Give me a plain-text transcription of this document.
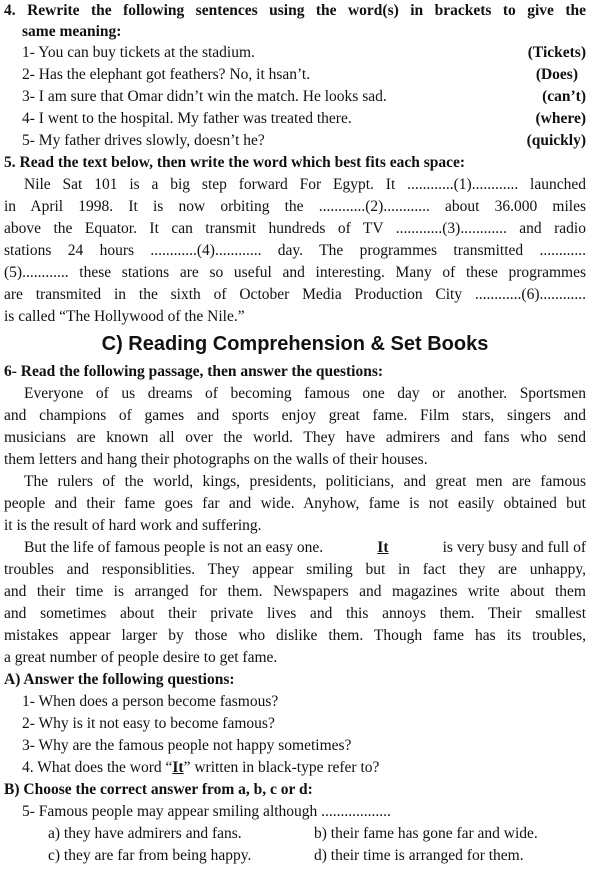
4. Rewrite the following sentences using the word(s) in brackets to give the
same meaning:
1- You can buy tickets at the stadium.	(Tickets)
2- Has the elephant got feathers? No, it hsan’t.	(Does)
3- I am sure that Omar didn’t win the match. He looks sad.	(can’t)
4- I went to the hospital. My father was treated there.	(where)
5- My father drives slowly, doesn’t he?	(quickly)
5. Read the text below, then write the word which best fits each space:
Nile Sat 101 is a big step forward For Egypt. It ............(1)............ launched
in April 1998. It is now orbiting the ............(2)............ about 36.000 miles
above the Equator. It can transmit hundreds of TV ............(3)............ and radio
stations 24 hours ............(4)............ day. The programmes transmitted ............
(5)............ these stations are so useful and interesting. Many of these programmes
are transmited in the sixth of October Media Production City ............(6)............
is called “The Hollywood of the Nile.”
C) Reading Comprehension & Set Books
6- Read the following passage, then answer the questions:
Everyone of us dreams of becoming famous one day or another. Sportsmen
and champions of games and sports enjoy great fame. Film stars, singers and
musicians are known all over the world. They have admirers and fans who send
them letters and hang their photographs on the walls of their houses.
The rulers of the world, kings, presidents, politicians, and great men are famous
people and their fame goes far and wide. Anyhow, fame is not easily obtained but
it is the result of hard work and suffering.
But the life of famous people is not an easy one.	It	is very busy and full of
troubles and responsiblities. They appear smiling but in fact they are unhappy,
and their time is arranged for them. Newspapers and magazines write about them
and sometimes about their private lives and this annoys them. Their smallest
mistakes appear larger by those who dislike them. Though fame has its troubles,
a great number of people desire to get fame.
A) Answer the following questions:
1- When does a person become fasmous?
2- Why is it not easy to become famous?
3- Why are the famous people not happy sometimes?
4. What does the word “It” written in black-type refer to?
B) Choose the correct answer from a, b, c or d:
5- Famous people may appear smiling although ..................
a) they have admirers and fans.	b) their fame has gone far and wide.
c) they are far from being happy.	d) their time is arranged for them.
